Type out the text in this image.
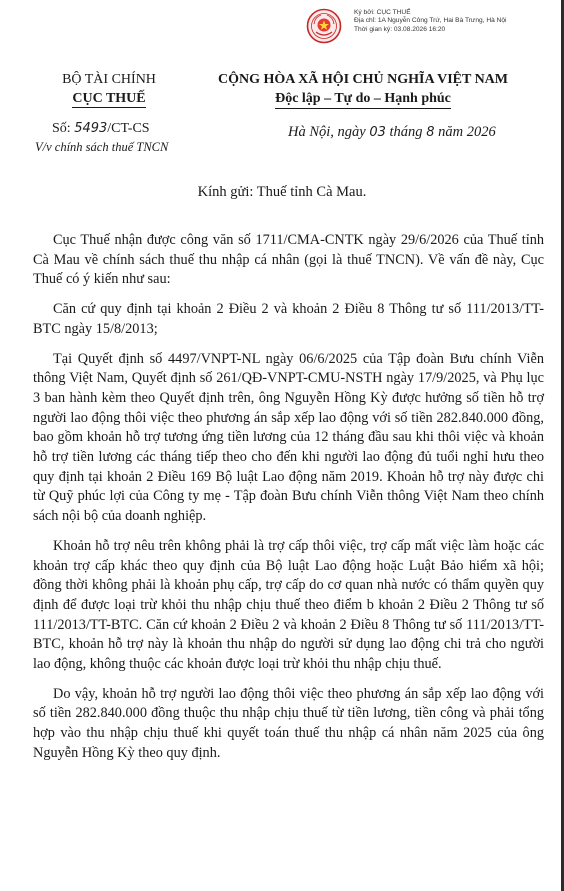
Ký bởi: CỤC THUẾ
Địa chỉ: 1A Nguyễn Công Trứ, Hai Bà Trưng, Hà Nội
Thời gian ký: 03.08.2026 16:20
BỘ TÀI CHÍNH
CỤC THUẾ
CỘNG HÒA XÃ HỘI CHỦ NGHĨA VIỆT NAM
Độc lập – Tự do – Hạnh phúc
Số: 5493/CT-CS
V/v chính sách thuế TNCN
Hà Nội, ngày 03 tháng 8 năm 2026
Kính gửi: Thuế tỉnh Cà Mau.

Cục Thuế nhận được công văn số 1711/CMA-CNTK ngày 29/6/2026 của Thuế tỉnh Cà Mau về chính sách thuế thu nhập cá nhân (gọi là thuế TNCN). Về vấn đề này, Cục Thuế có ý kiến như sau:

Căn cứ quy định tại khoản 2 Điều 2 và khoản 2 Điều 8 Thông tư số 111/2013/TT-BTC ngày 15/8/2013;

Tại Quyết định số 4497/VNPT-NL ngày 06/6/2025 của Tập đoàn Bưu chính Viễn thông Việt Nam, Quyết định số 261/QĐ-VNPT-CMU-NSTH ngày 17/9/2025, và Phụ lục 3 ban hành kèm theo Quyết định trên, ông Nguyễn Hồng Kỳ được hưởng số tiền hỗ trợ người lao động thôi việc theo phương án sắp xếp lao động với số tiền 282.840.000 đồng, bao gồm khoản hỗ trợ tương ứng tiền lương của 12 tháng đầu sau khi thôi việc và khoản hỗ trợ tiền lương các tháng tiếp theo cho đến khi người lao động đủ tuổi nghỉ hưu theo quy định tại khoản 2 Điều 169 Bộ luật Lao động năm 2019. Khoản hỗ trợ này được chi từ Quỹ phúc lợi của Công ty mẹ - Tập đoàn Bưu chính Viễn thông Việt Nam theo chính sách nội bộ của doanh nghiệp.

Khoản hỗ trợ nêu trên không phải là trợ cấp thôi việc, trợ cấp mất việc làm hoặc các khoản trợ cấp khác theo quy định của Bộ luật Lao động hoặc Luật Bảo hiểm xã hội; đồng thời không phải là khoản phụ cấp, trợ cấp do cơ quan nhà nước có thẩm quyền quy định để được loại trừ khỏi thu nhập chịu thuế theo điểm b khoản 2 Điều 2 Thông tư số 111/2013/TT-BTC. Căn cứ khoản 2 Điều 2 và khoản 2 Điều 8 Thông tư số 111/2013/TT-BTC, khoản hỗ trợ này là khoản thu nhập do người sử dụng lao động chi trả cho người lao động, không thuộc các khoản được loại trừ khỏi thu nhập chịu thuế.

Do vậy, khoản hỗ trợ người lao động thôi việc theo phương án sắp xếp lao động với số tiền 282.840.000 đồng thuộc thu nhập chịu thuế từ tiền lương, tiền công và phải tổng hợp vào thu nhập chịu thuế khi quyết toán thuế thu nhập cá nhân năm 2025 của ông Nguyễn Hồng Kỳ theo quy định.
